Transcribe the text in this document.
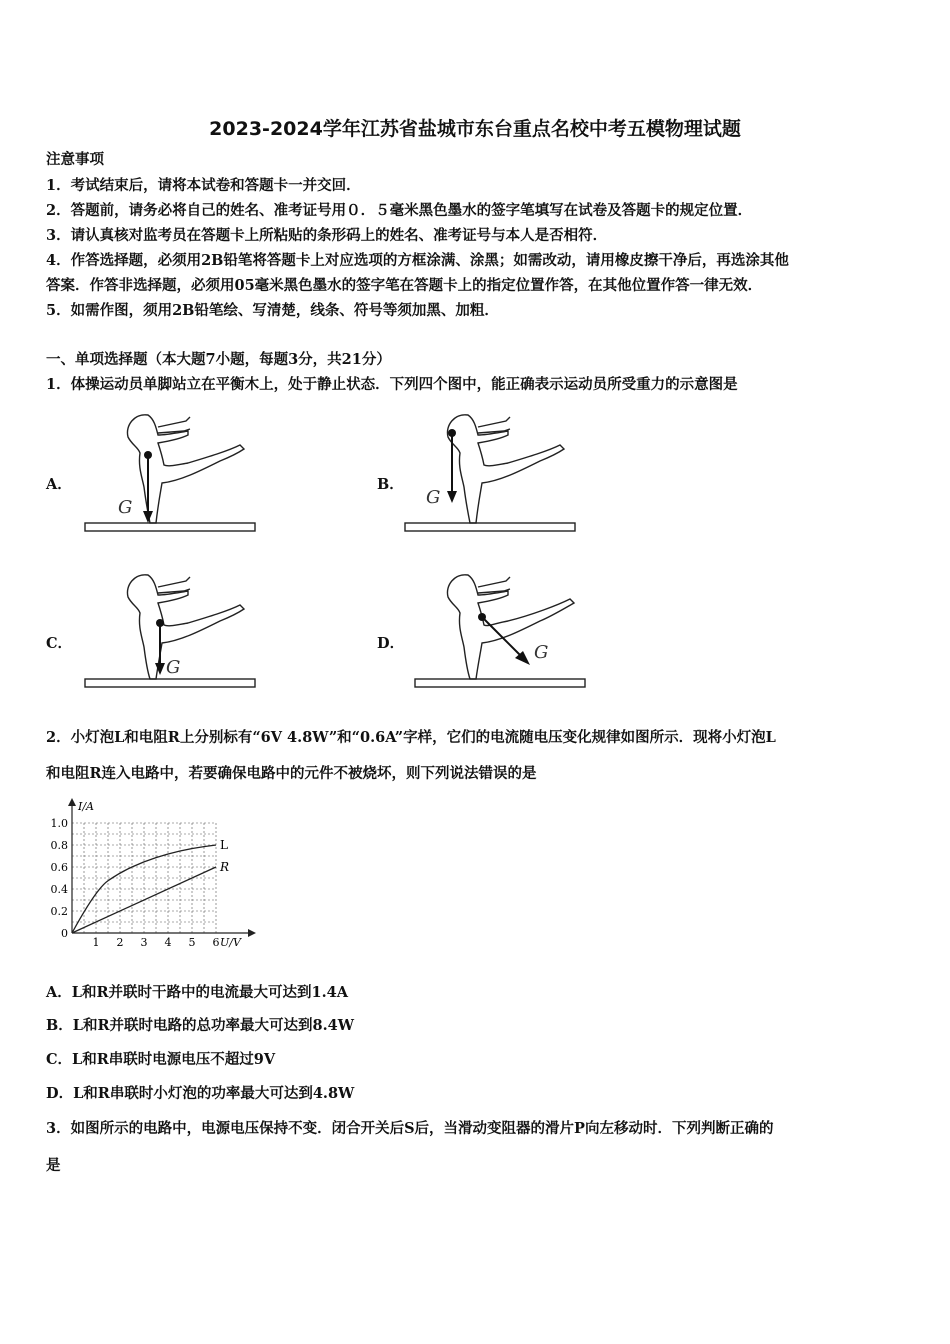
2023-2024学年江苏省盐城市东台重点名校中考五模物理试题
注意事项
1．考试结束后，请将本试卷和答题卡一并交回．
2．答题前，请务必将自己的姓名、准考证号用０．５毫米黑色墨水的签字笔填写在试卷及答题卡的规定位置．
3．请认真核对监考员在答题卡上所粘贴的条形码上的姓名、准考证号与本人是否相符．
4．作答选择题，必须用2B铅笔将答题卡上对应选项的方框涂满、涂黑；如需改动，请用橡皮擦干净后，再选涂其他
答案．作答非选择题，必须用05毫米黑色墨水的签字笔在答题卡上的指定位置作答，在其他位置作答一律无效．
5．如需作图，须用2B铅笔绘、写清楚，线条、符号等须加黑、加粗．
一、单项选择题（本大题7小题，每题3分，共21分）
1．体操运动员单脚站立在平衡木上，处于静止状态．下列四个图中，能正确表示运动员所受重力的示意图是
A．	B．
C．	D．
G	G
G
G
2．小灯泡L和电阻R上分别标有“6V 4.8W”和“0.6A”字样，它们的电流随电压变化规律如图所示．现将小灯泡L
和电阻R连入电路中，若要确保电路中的元件不被烧坏，则下列说法错误的是
0.2
0.4
0.6
0.8
1.0
1 2 3 4 5 6
I/A
U/V
0
L
R
A．L和R并联时干路中的电流最大可达到1.4A
B．L和R并联时电路的总功率最大可达到8.4W
C．L和R串联时电源电压不超过9V
D．L和R串联时小灯泡的功率最大可达到4.8W
3．如图所示的电路中，电源电压保持不变．闭合开关后S后，当滑动变阻器的滑片P向左移动时．下列判断正确的
是
